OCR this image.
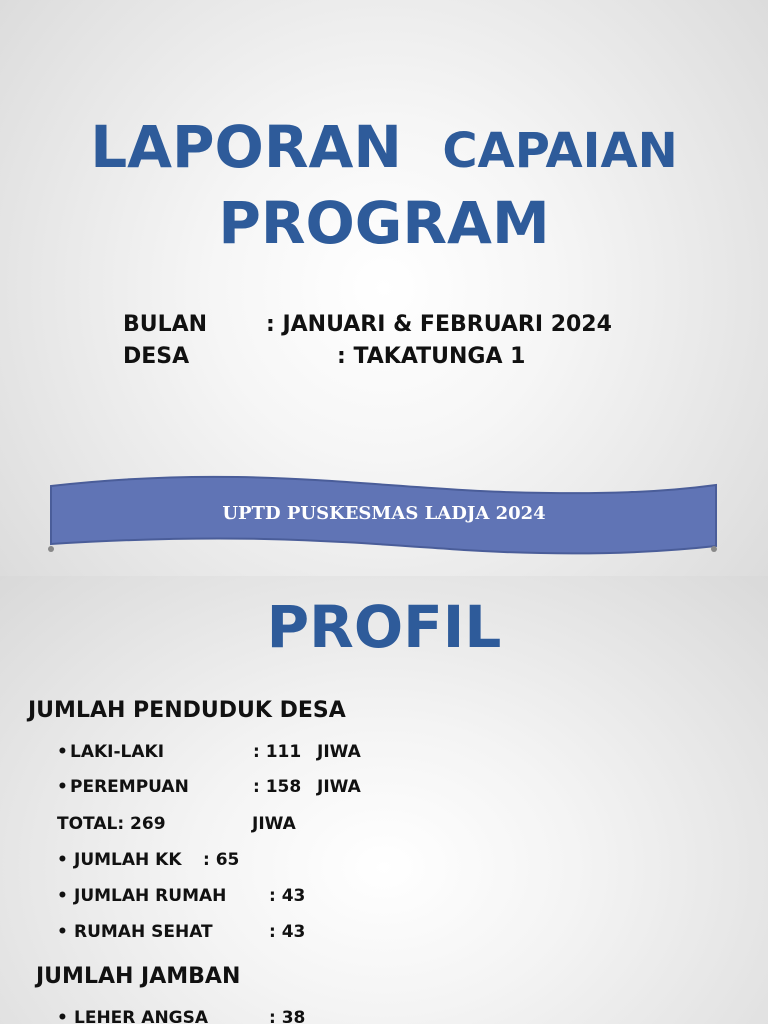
LAPORAN CAPAIAN
PROGRAM
BULAN	: JANUARI & FEBRUARI 2024
DESA	: TAKATUNGA 1
UPTD PUSKESMAS LADJA 2024
PROFIL
JUMLAH PENDUDUK DESA
• LAKI-LAKI	: 111 JIWA
• PEREMPUAN	: 158 JIWA
TOTAL: 269	JIWA
• JUMLAH KK : 65
• JUMLAH RUMAH	: 43
• RUMAH SEHAT	: 43
JUMLAH JAMBAN
• LEHER ANGSA	: 38
